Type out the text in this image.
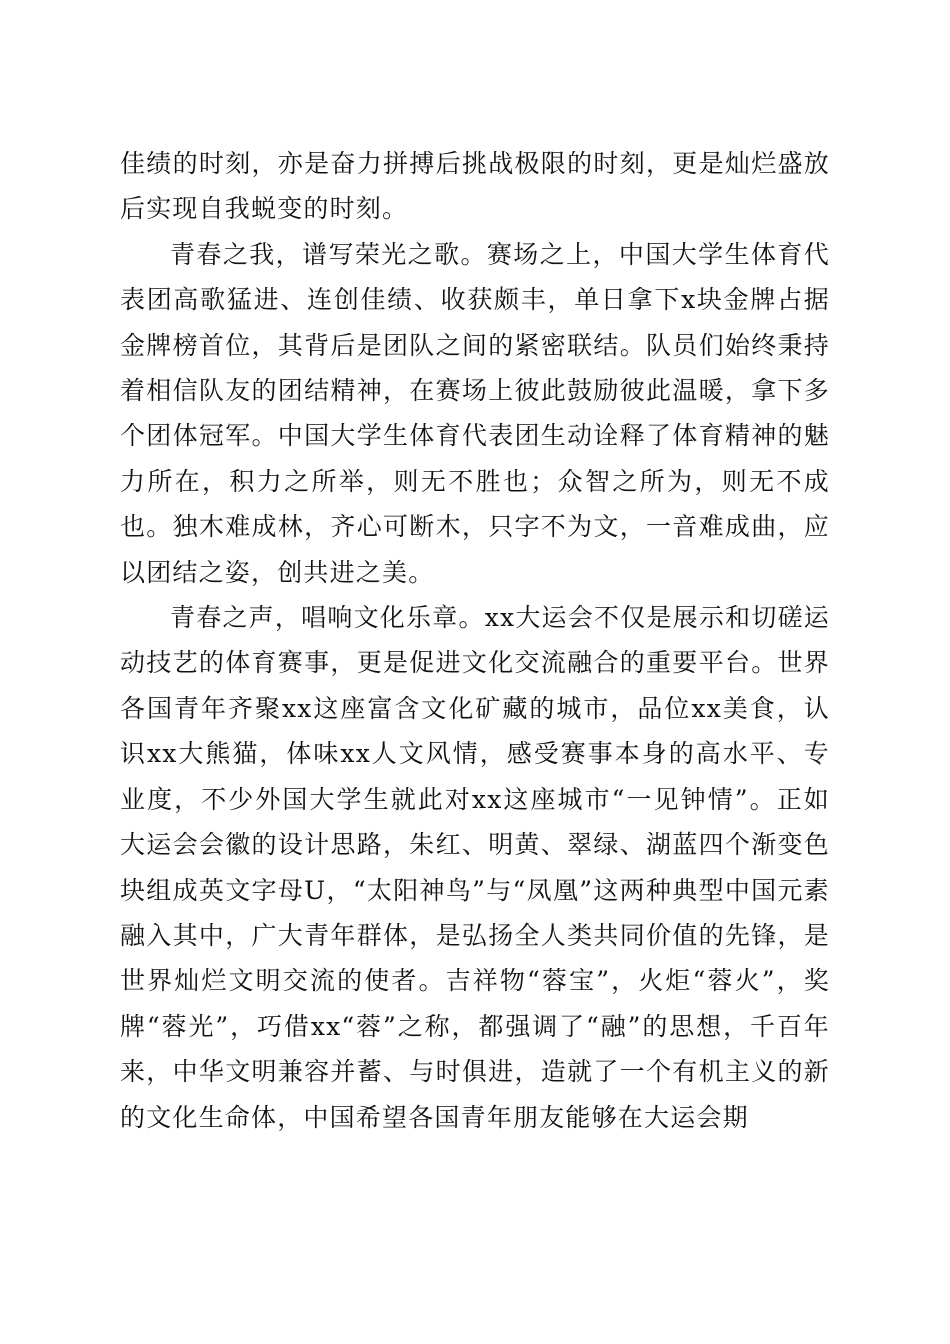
佳绩的时刻，亦是奋力拼搏后挑战极限的时刻，更是灿烂盛放后实现自我蜕变的时刻。

青春之我，谱写荣光之歌。赛场之上，中国大学生体育代表团高歌猛进、连创佳绩、收获颇丰，单日拿下x块金牌占据金牌榜首位，其背后是团队之间的紧密联结。队员们始终秉持着相信队友的团结精神，在赛场上彼此鼓励彼此温暖，拿下多个团体冠军。中国大学生体育代表团生动诠释了体育精神的魅力所在，积力之所举，则无不胜也；众智之所为，则无不成也。独木难成林，齐心可断木，只字不为文，一音难成曲，应以团结之姿，创共进之美。

青春之声，唱响文化乐章。xx大运会不仅是展示和切磋运动技艺的体育赛事，更是促进文化交流融合的重要平台。世界各国青年齐聚xx这座富含文化矿藏的城市，品位xx美食，认识xx大熊猫，体味xx人文风情，感受赛事本身的高水平、专业度，不少外国大学生就此对xx这座城市“一见钟情”。正如大运会会徽的设计思路，朱红、明黄、翠绿、湖蓝四个渐变色块组成英文字母U，“太阳神鸟”与“凤凰”这两种典型中国元素融入其中，广大青年群体，是弘扬全人类共同价值的先锋，是世界灿烂文明交流的使者。吉祥物“蓉宝”，火炬“蓉火”，奖牌“蓉光”，巧借xx“蓉”之称，都强调了“融”的思想，千百年来，中华文明兼容并蓄、与时俱进，造就了一个有机主义的新的文化生命体，中国希望各国青年朋友能够在大运会期
